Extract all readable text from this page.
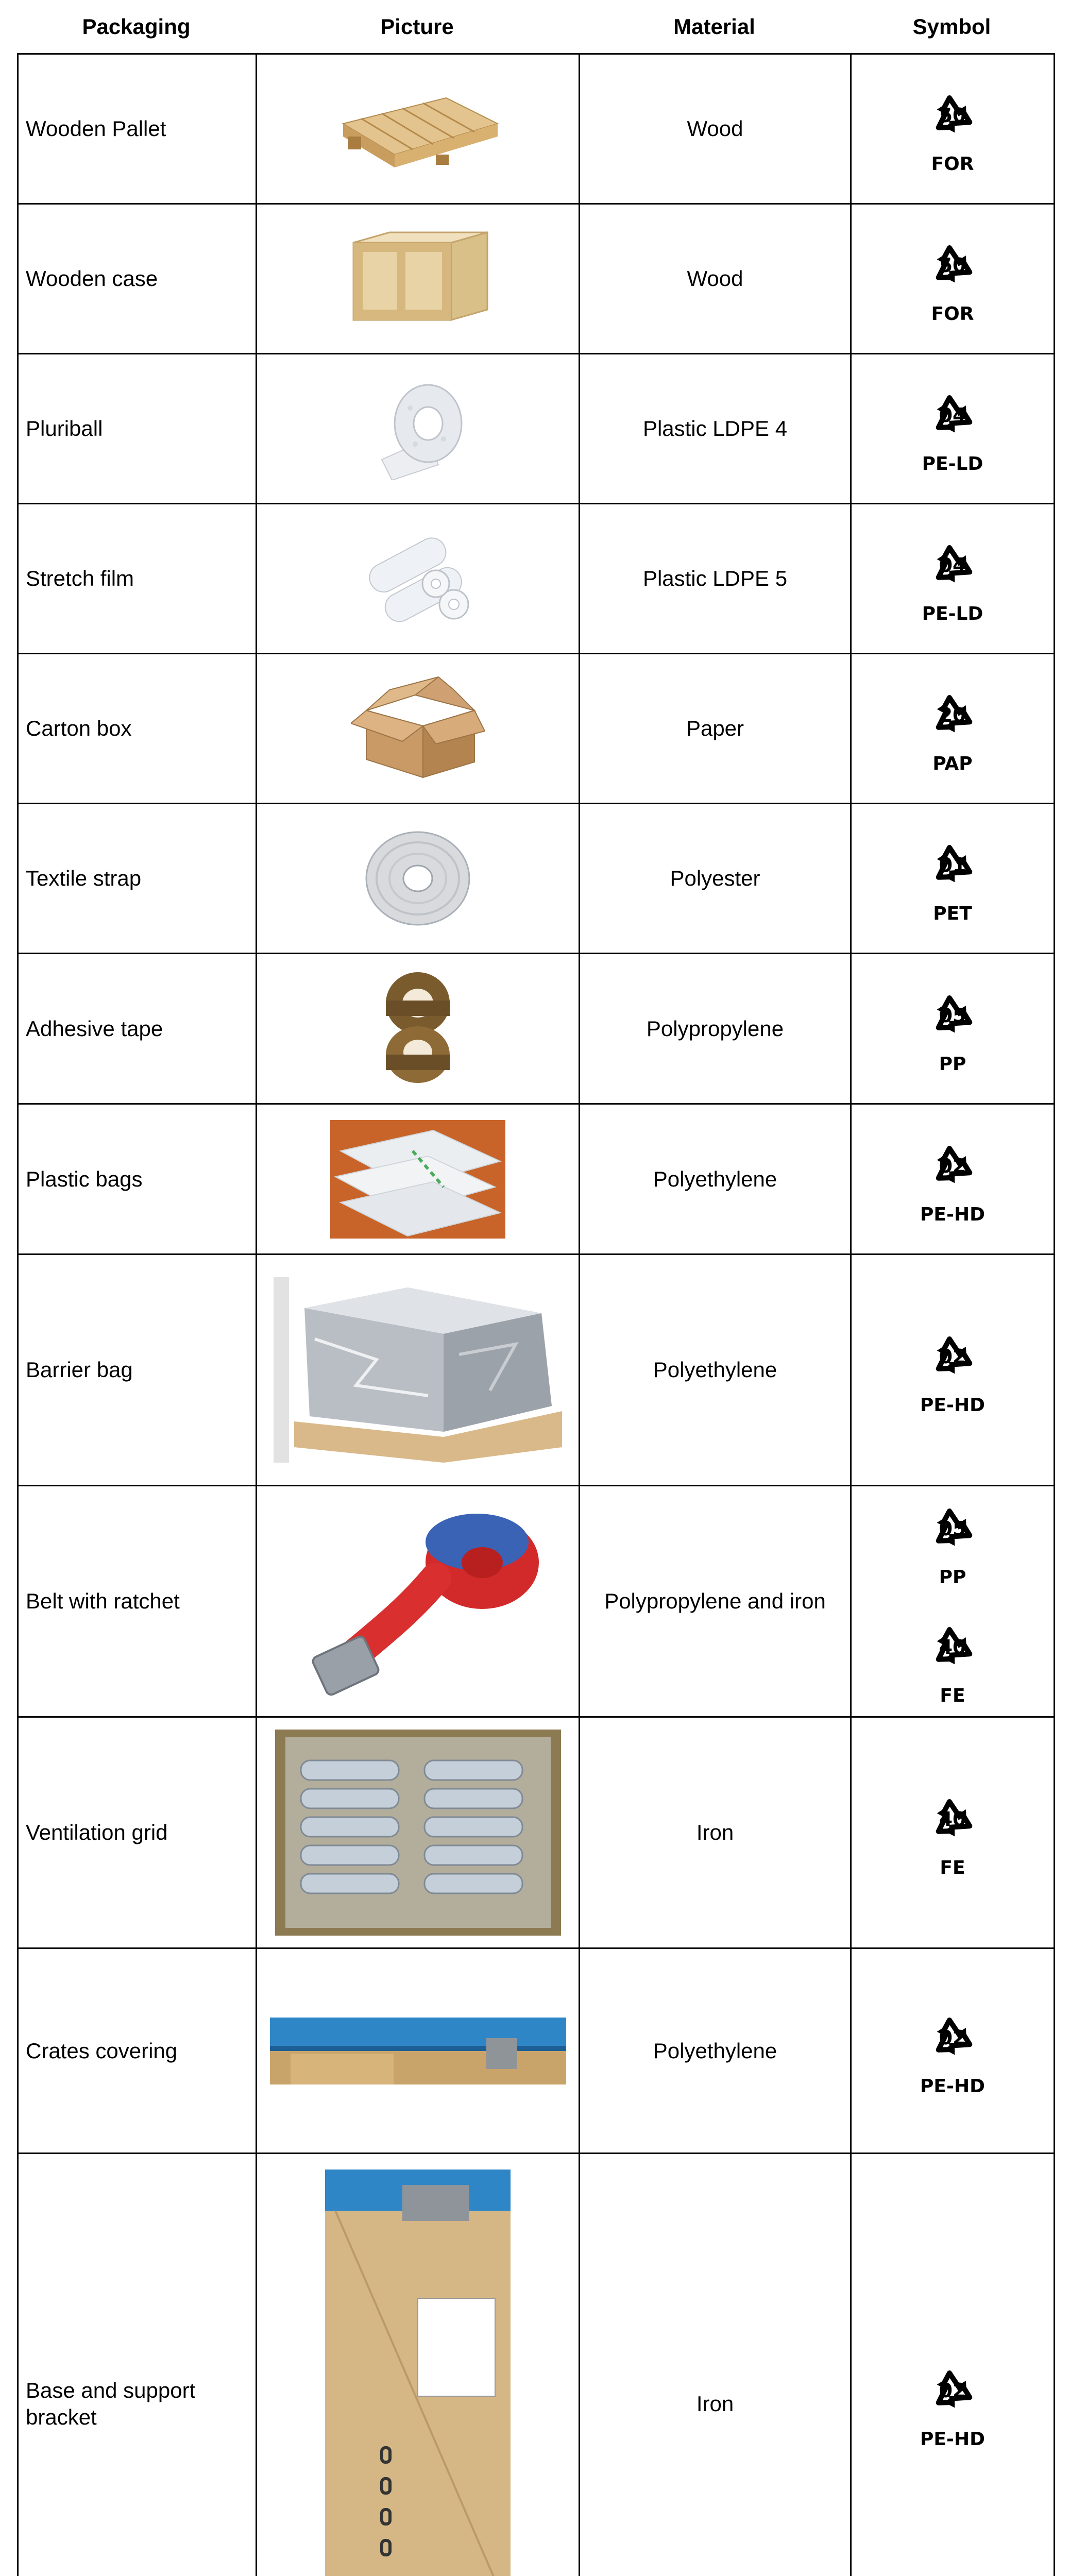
Packaging	Picture	Material	Symbol
Wooden Pallet		Wood	50
FOR

Wooden case		Wood	50
FOR

Pluriball		Plastic LDPE 4	04
PE-LD

Stretch film		Plastic LDPE 5	04
PE-LD

Carton box		Paper	20
PAP

Textile strap		Polyester	01
PET

Adhesive tape		Polypropylene	05
PP

Plastic bags		Polyethylene	02
PE-HD

Barrier bag		Polyethylene	02
PE-HD

Belt with ratchet		Polypropylene and iron	05
PP
40
FE

Ventilation grid		Iron	40
FE

Crates covering		Polyethylene	02
PE-HD

Base and support bracket		Iron	02
PE-HD
